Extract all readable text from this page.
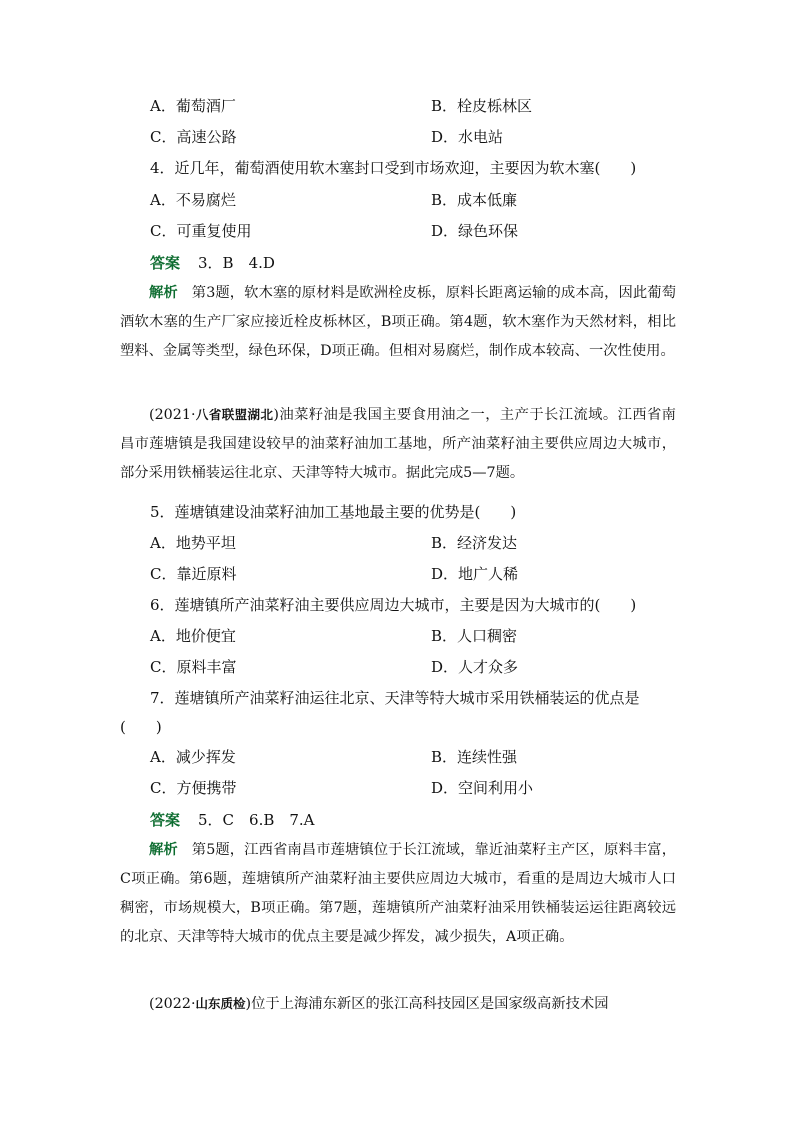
A．葡萄酒厂	B．栓皮栎林区
C．高速公路	D．水电站
4．近几年，葡萄酒使用软木塞封口受到市场欢迎，主要因为软木塞(　　)
A．不易腐烂	B．成本低廉
C．可重复使用	D．绿色环保
答案 3．B　4.D
解析 第3题，软木塞的原材料是欧洲栓皮栎，原料长距离运输的成本高，因此葡萄酒软木塞的生产厂家应接近栓皮栎林区，B项正确。第4题，软木塞作为天然材料，相比塑料、金属等类型，绿色环保，D项正确。但相对易腐烂，制作成本较高、一次性使用。
(2021·八省联盟湖北)油菜籽油是我国主要食用油之一，主产于长江流域。江西省南昌市莲塘镇是我国建设较早的油菜籽油加工基地，所产油菜籽油主要供应周边大城市，部分采用铁桶装运往北京、天津等特大城市。据此完成5—7题。
5．莲塘镇建设油菜籽油加工基地最主要的优势是(　　)
A．地势平坦	B．经济发达
C．靠近原料	D．地广人稀
6．莲塘镇所产油菜籽油主要供应周边大城市，主要是因为大城市的(　　)
A．地价便宜	B．人口稠密
C．原料丰富	D．人才众多
7．莲塘镇所产油菜籽油运往北京、天津等特大城市采用铁桶装运的优点是
(　　)
A．减少挥发	B．连续性强
C．方便携带	D．空间利用小
答案 5．C　6.B　7.A
解析 第5题，江西省南昌市莲塘镇位于长江流域，靠近油菜籽主产区，原料丰富，C项正确。第6题，莲塘镇所产油菜籽油主要供应周边大城市，看重的是周边大城市人口稠密，市场规模大，B项正确。第7题，莲塘镇所产油菜籽油采用铁桶装运运往距离较远的北京、天津等特大城市的优点主要是减少挥发，减少损失，A项正确。
(2022·山东质检)位于上海浦东新区的张江高科技园区是国家级高新技术园
